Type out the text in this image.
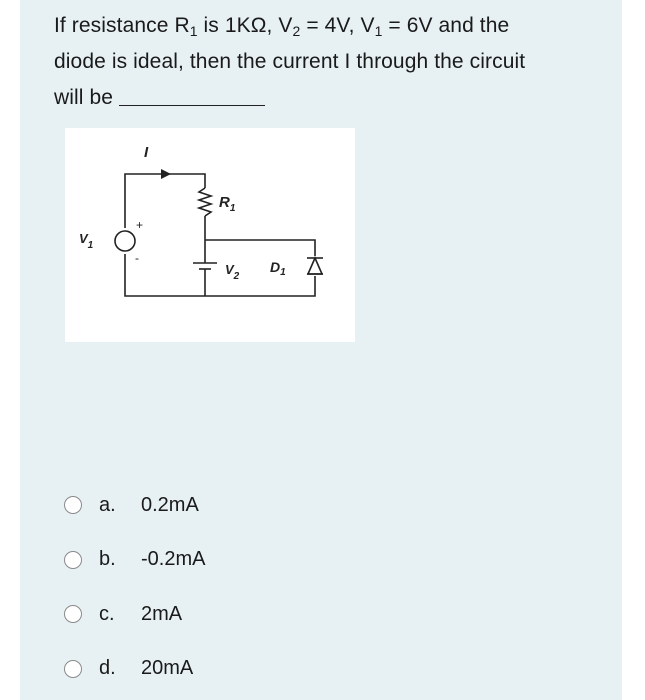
If resistance $R_1$ is 1KΩ, $V_2 = 4V$, $V_1 = 6V$ and the
diode is ideal, then the current I through the circuit
will be
I
$R_1$
$V_1$
$V_2$
$D_1$
+
-
a.	0.2mA
b.	-0.2mA
c.	2mA
d.	20mA
